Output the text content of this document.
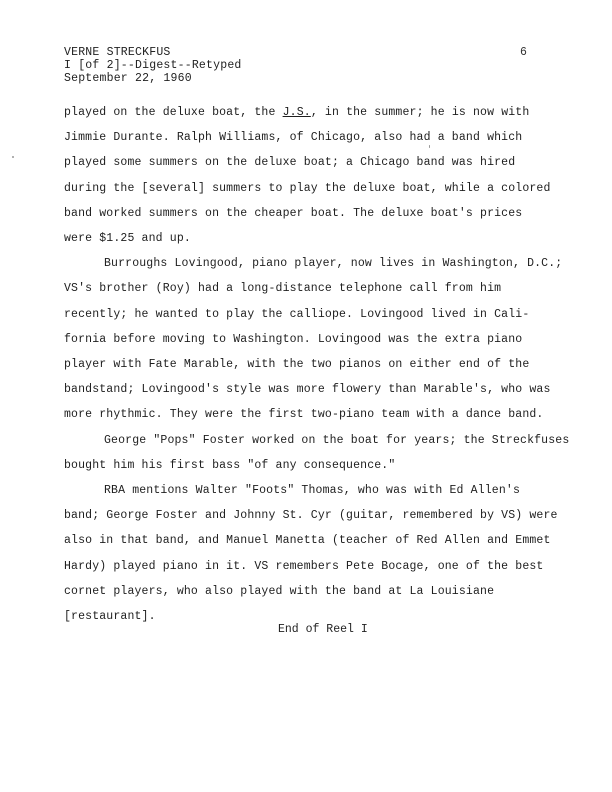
VERNE STRECKFUS
I [of 2]--Digest--Retyped
September 22, 1960
6
played on the deluxe boat, the J.S., in the summer; he is now with
Jimmie Durante. Ralph Williams, of Chicago, also had a band which
played some summers on the deluxe boat; a Chicago band was hired
during the [several] summers to play the deluxe boat, while a colored
band worked summers on the cheaper boat. The deluxe boat's prices
were $1.25 and up.
Burroughs Lovingood, piano player, now lives in Washington, D.C.;
VS's brother (Roy) had a long-distance telephone call from him
recently; he wanted to play the calliope. Lovingood lived in Cali-
fornia before moving to Washington. Lovingood was the extra piano
player with Fate Marable, with the two pianos on either end of the
bandstand; Lovingood's style was more flowery than Marable's, who was
more rhythmic. They were the first two-piano team with a dance band.
George "Pops" Foster worked on the boat for years; the Streckfuses
bought him his first bass "of any consequence."
RBA mentions Walter "Foots" Thomas, who was with Ed Allen's
band; George Foster and Johnny St. Cyr (guitar, remembered by VS) were
also in that band, and Manuel Manetta (teacher of Red Allen and Emmet
Hardy) played piano in it. VS remembers Pete Bocage, one of the best
cornet players, who also played with the band at La Louisiane
[restaurant].
End of Reel I
